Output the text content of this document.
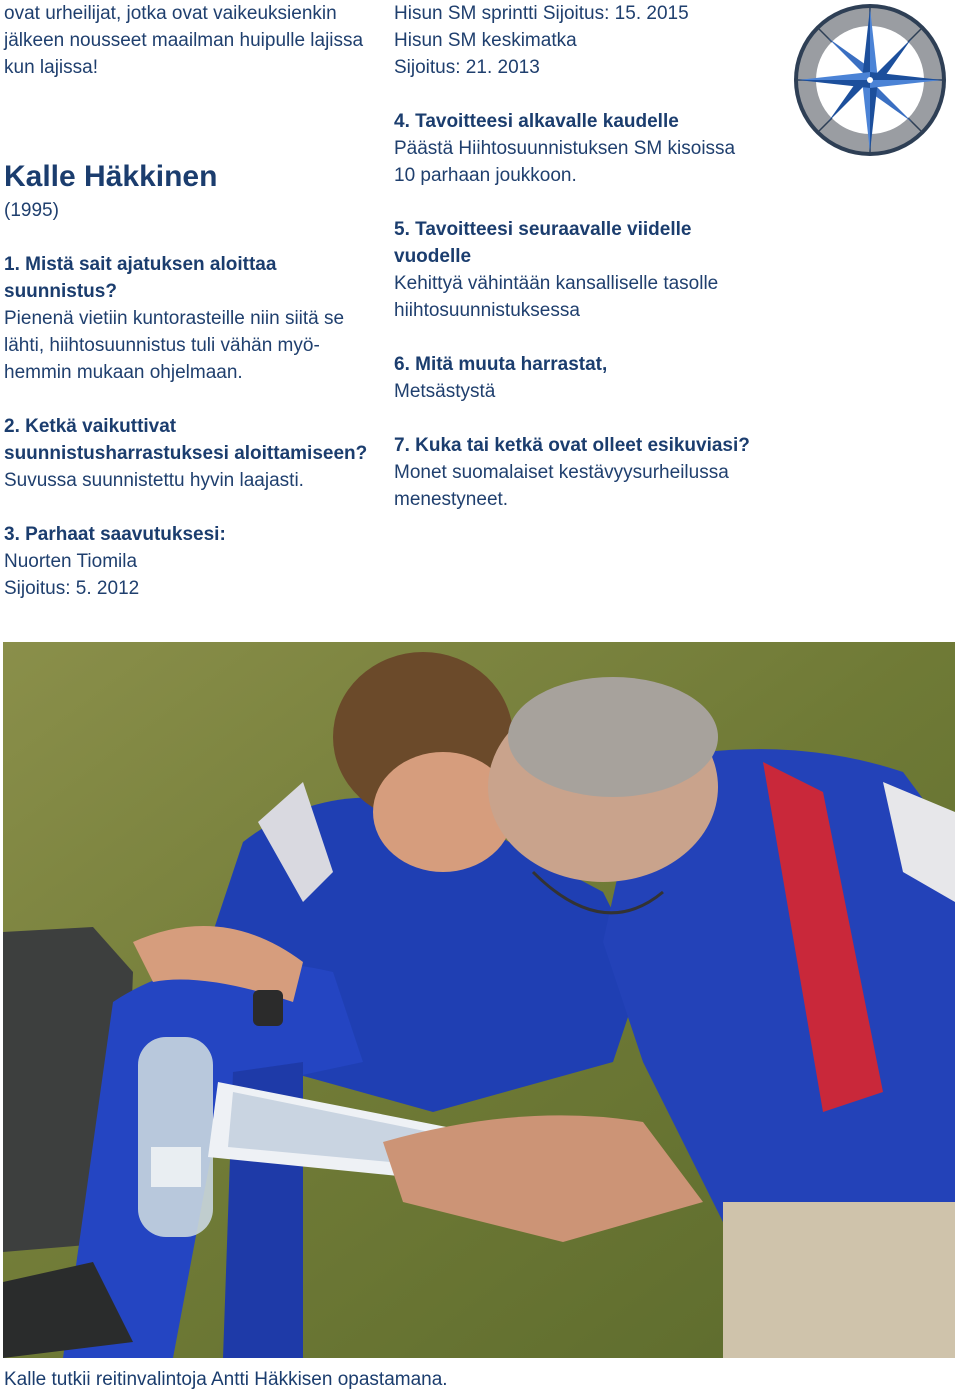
ovat urheilijat, jotka ovat vaikeuksienkin

jälkeen nousseet maailman huipulle lajissa

kun lajissa!

Kalle Häkkinen

(1995)

1. Mistä sait ajatuksen aloittaa

suunnistus?

Pienenä vietiin kuntorasteille niin siitä se

lähti, hiihtosuunnistus tuli vähän myö-

hemmin mukaan ohjelmaan.

2. Ketkä vaikuttivat

suunnistusharrastuksesi aloittamiseen?

Suvussa suunnistettu hyvin laajasti.

3. Parhaat saavutuksesi:

Nuorten Tiomila

Sijoitus: 5. 2012

Hisun SM sprintti Sijoitus: 15. 2015

Hisun SM keskimatka

Sijoitus: 21. 2013

4. Tavoitteesi alkavalle kaudelle

Päästä Hiihtosuunnistuksen SM kisoissa

10 parhaan joukkoon.

5. Tavoitteesi seuraavalle viidelle

vuodelle

Kehittyä vähintään kansalliselle tasolle

hiihtosuunnistuksessa

6. Mitä muuta harrastat,

Metsästystä

7. Kuka tai ketkä ovat olleet esikuviasi?

Monet suomalaiset kestävyysurheilussa

menestyneet.

Kalle tutkii reitinvalintoja Antti Häkkisen opastamana.
